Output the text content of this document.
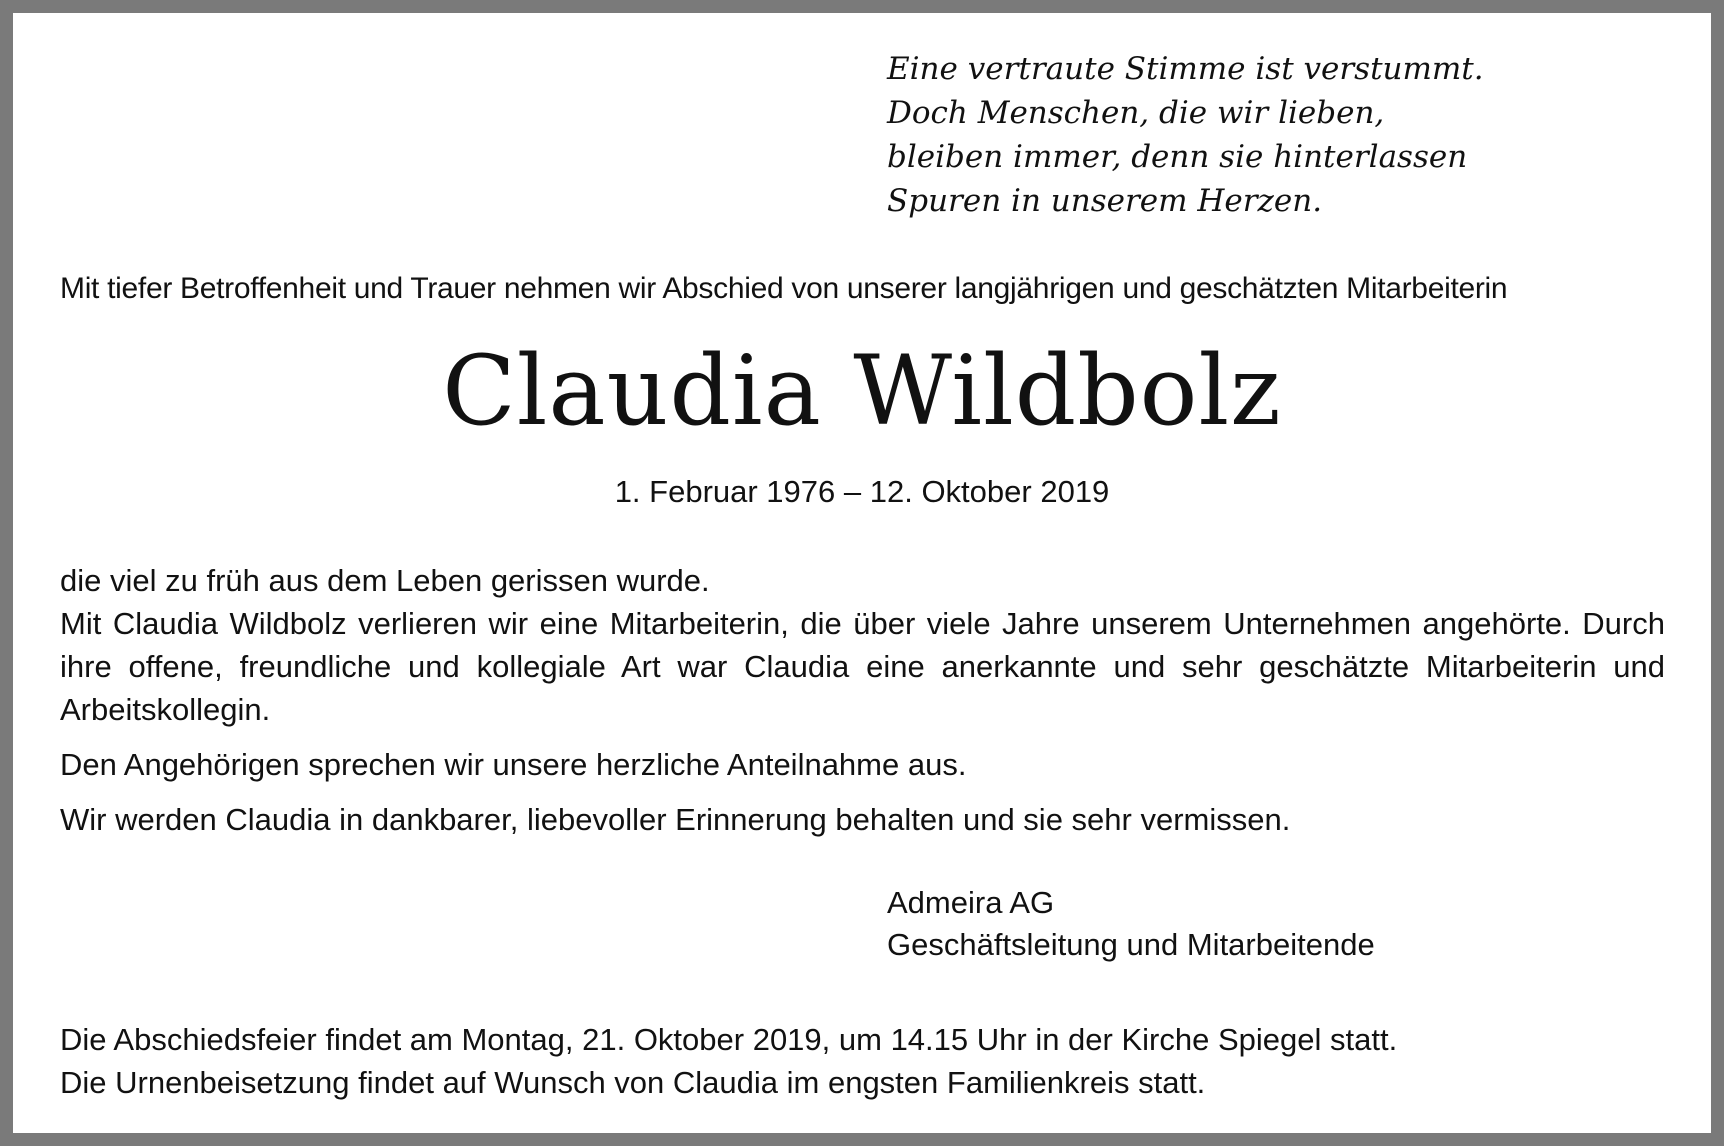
Eine vertraute Stimme ist verstummt.
Doch Menschen, die wir lieben,
bleiben immer, denn sie hinterlassen
Spuren in unserem Herzen.
Mit tiefer Betroffenheit und Trauer nehmen wir Abschied von unserer langjährigen und geschätzten Mitarbeiterin
Claudia Wildbolz
1. Februar 1976 – 12. Oktober 2019

die viel zu früh aus dem Leben gerissen wurde.

Mit Claudia Wildbolz verlieren wir eine Mitarbeiterin, die über viele Jahre unserem Unternehmen angehörte. Durch ihre offene, freundliche und kollegiale Art war Claudia eine anerkannte und sehr geschätzte Mitarbeiterin und Arbeitskollegin.

Den Angehörigen sprechen wir unsere herzliche Anteilnahme aus.

Wir werden Claudia in dankbarer, liebevoller Erinnerung behalten und sie sehr vermissen.

Admeira AG
Geschäftsleitung und Mitarbeitende
Die Abschiedsfeier findet am Montag, 21. Oktober 2019, um 14.15 Uhr in der Kirche Spiegel statt.
Die Urnenbeisetzung findet auf Wunsch von Claudia im engsten Familienkreis statt.
